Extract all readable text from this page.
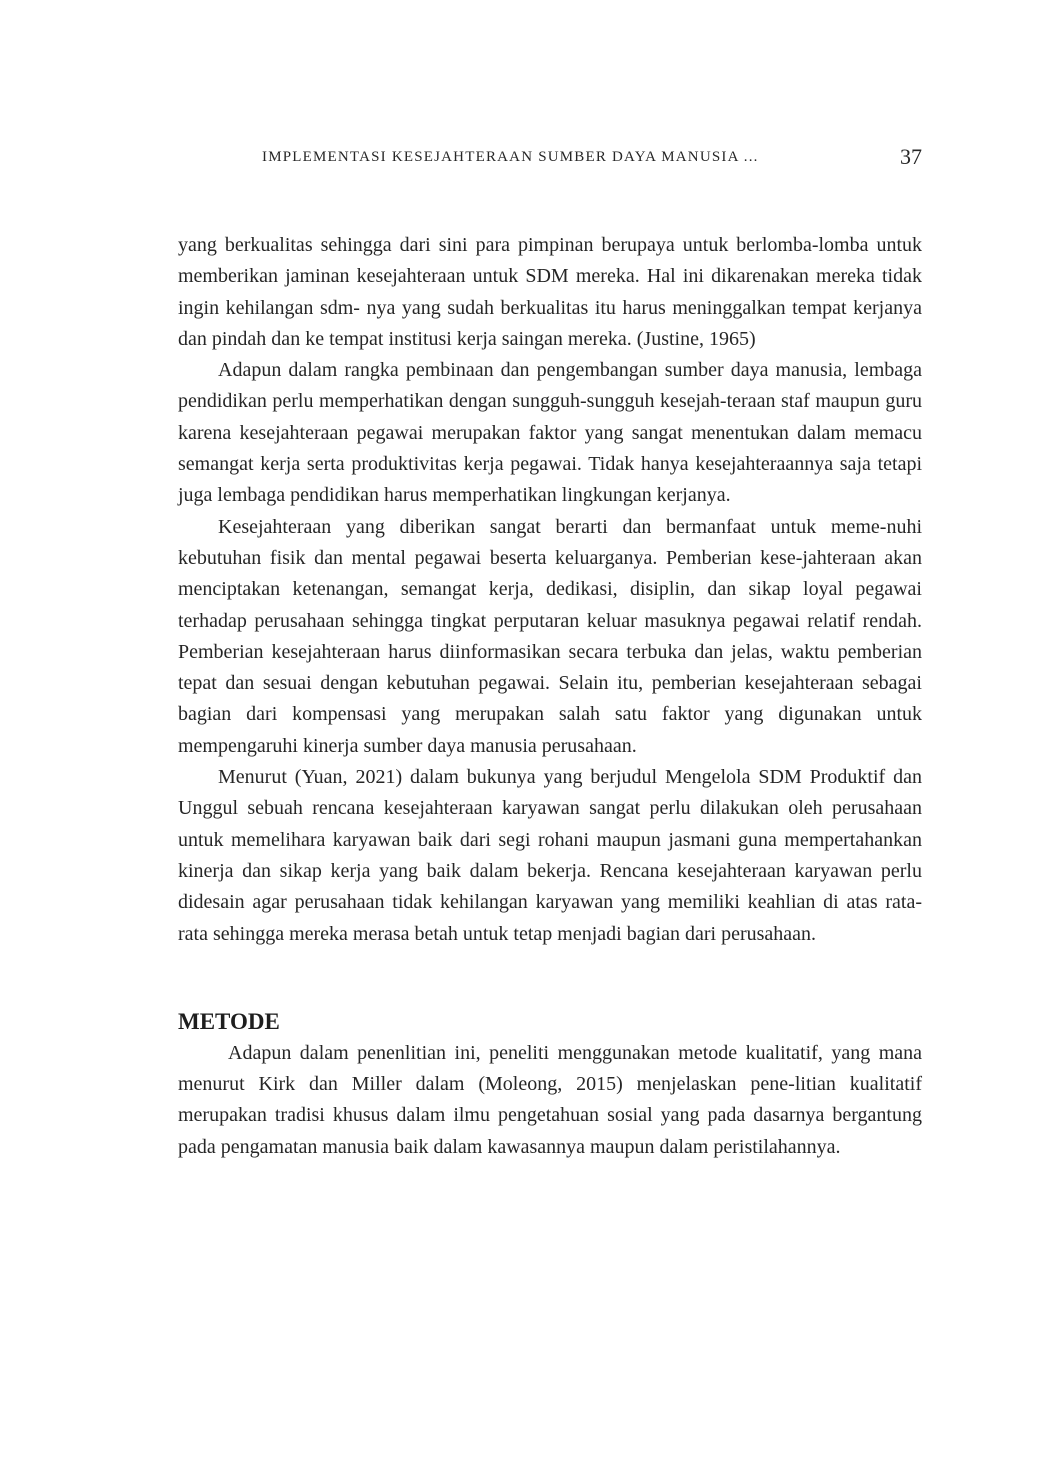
IMPLEMENTASI KESEJAHTERAAN SUMBER DAYA MANUSIA ...	37

yang berkualitas sehingga dari sini para pimpinan berupaya untuk berlomba-lomba untuk memberikan jaminan kesejahteraan untuk SDM mereka. Hal ini dikarenakan mereka tidak ingin kehilangan sdm- nya yang sudah berkualitas itu harus meninggalkan tempat kerjanya dan pindah dan ke tempat institusi kerja saingan mereka. (Justine, 1965)

Adapun dalam rangka pembinaan dan pengembangan sumber daya manusia, lembaga pendidikan perlu memperhatikan dengan sungguh-sungguh kesejah-teraan staf maupun guru karena kesejahteraan pegawai merupakan faktor yang sangat menentukan dalam memacu semangat kerja serta produktivitas kerja pegawai. Tidak hanya kesejahteraannya saja tetapi juga lembaga pendidikan harus memperhatikan lingkungan kerjanya.

Kesejahteraan yang diberikan sangat berarti dan bermanfaat untuk meme-nuhi kebutuhan fisik dan mental pegawai beserta keluarganya. Pemberian kese-jahteraan akan menciptakan ketenangan, semangat kerja, dedikasi, disiplin, dan sikap loyal pegawai terhadap perusahaan sehingga tingkat perputaran keluar masuknya pegawai relatif rendah. Pemberian kesejahteraan harus diinformasikan secara terbuka dan jelas, waktu pemberian tepat dan sesuai dengan kebutuhan pegawai. Selain itu, pemberian kesejahteraan sebagai bagian dari kompensasi yang merupakan salah satu faktor yang digunakan untuk mempengaruhi kinerja sumber daya manusia perusahaan.

Menurut (Yuan, 2021) dalam bukunya yang berjudul Mengelola SDM Produktif dan Unggul sebuah rencana kesejahteraan karyawan sangat perlu dilakukan oleh perusahaan untuk memelihara karyawan baik dari segi rohani maupun jasmani guna mempertahankan kinerja dan sikap kerja yang baik dalam bekerja. Rencana kesejahteraan karyawan perlu didesain agar perusahaan tidak kehilangan karyawan yang memiliki keahlian di atas rata- rata sehingga mereka merasa betah untuk tetap menjadi bagian dari perusahaan.

METODE

Adapun dalam penenlitian ini, peneliti menggunakan metode kualitatif, yang mana menurut Kirk dan Miller dalam (Moleong, 2015) menjelaskan pene-litian kualitatif merupakan tradisi khusus dalam ilmu pengetahuan sosial yang pada dasarnya bergantung pada pengamatan manusia baik dalam kawasannya maupun dalam peristilahannya.
